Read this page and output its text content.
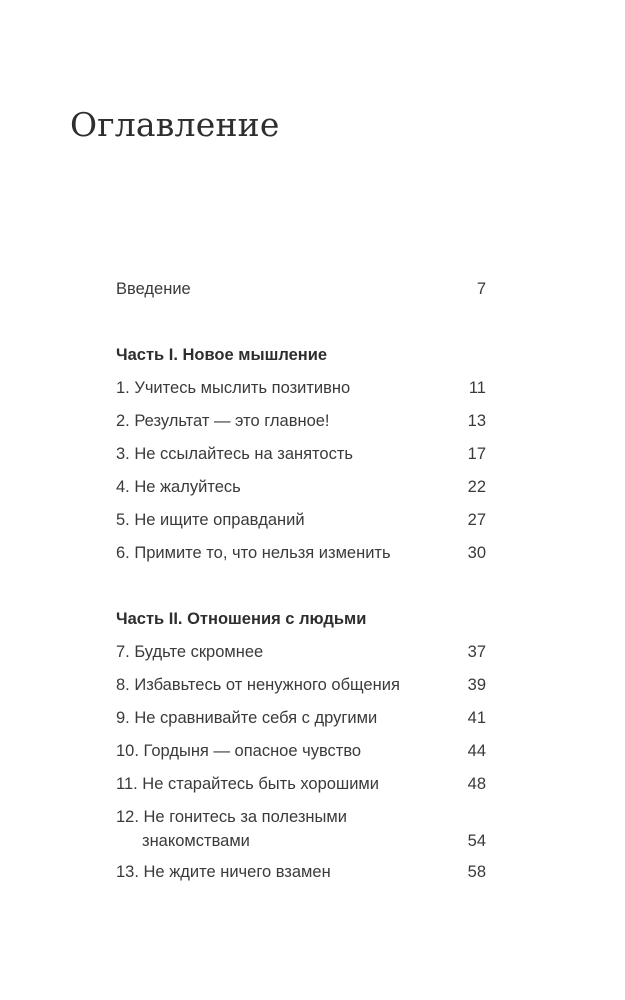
Оглавление
Введение	7
Часть I. Новое мышление
1. Учитесь мыслить позитивно	11
2. Результат — это главное!	13
3. Не ссылайтесь на занятость	17
4. Не жалуйтесь	22
5. Не ищите оправданий	27
6. Примите то, что нельзя изменить	30
Часть II. Отношения с людьми
7. Будьте скромнее	37
8. Избавьтесь от ненужного общения	39
9. Не сравнивайте себя с другими	41
10. Гордыня — опасное чувство	44
11. Не старайтесь быть хорошими	48
12. Не гонитесь за полезными
знакомствами	54
13. Не ждите ничего взамен	58
